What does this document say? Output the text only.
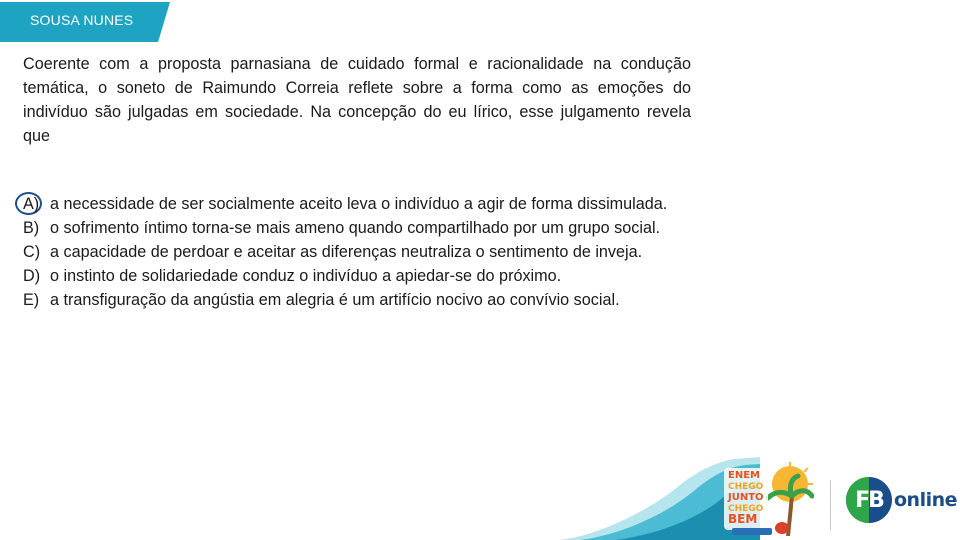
SOUSA NUNES

Coerente com a proposta parnasiana de cuidado formal e racionalidade na condução temática, o soneto de Raimundo Correia reflete sobre a forma como as emoções do indivíduo são julgadas em sociedade. Na concepção do eu lírico, esse julgamento revela que

A) a necessidade de ser socialmente aceito leva o indivíduo a agir de forma dissimulada.
B) o sofrimento íntimo torna-se mais ameno quando compartilhado por um grupo social.
C) a capacidade de perdoar e aceitar as diferenças neutraliza o sentimento de inveja.
D) o instinto de solidariedade conduz o indivíduo a apiedar-se do próximo.
E) a transfiguração da angústia em alegria é um artifício nocivo ao convívio social.
ENEM
CHEGO
JUNTO
CHEGO
BEM
FB online
